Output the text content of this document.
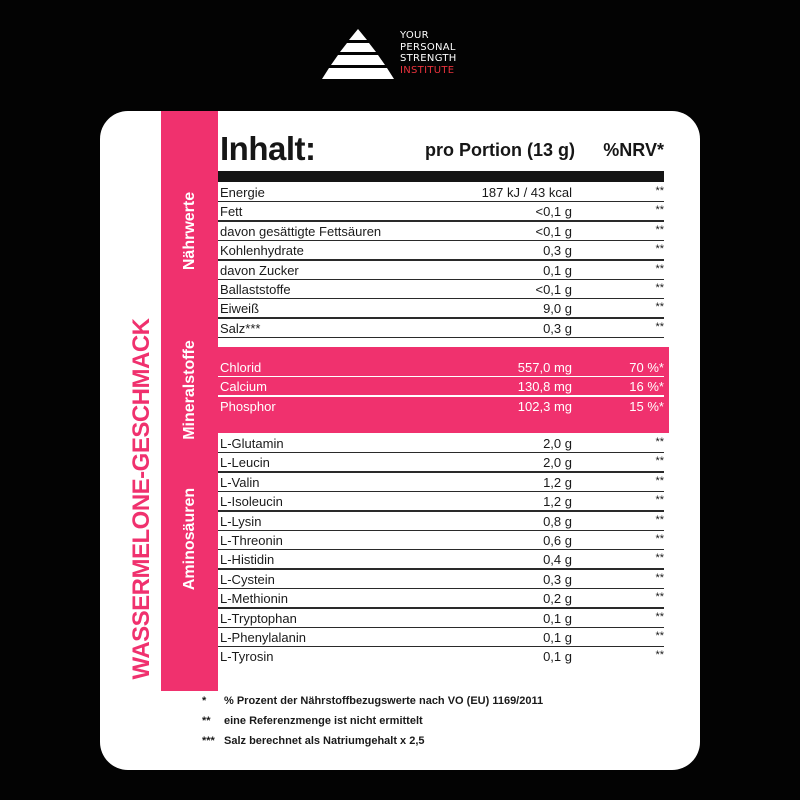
YOUR
PERSONAL
STRENGTH
INSTITUTE
WASSERMELONE-GESCHMACK
Nährwerte
Mineralstoffe
Aminosäuren
Inhalt:	pro Portion (13 g)	%NRV*
Energie	187 kJ / 43 kcal	**
Fett	<0,1 g	**
davon gesättigte Fettsäuren	<0,1 g	**
Kohlenhydrate	0,3 g	**
davon Zucker	0,1 g	**
Ballaststoffe	<0,1 g	**
Eiweiß	9,0 g	**
Salz***	0,3 g	**
Chlorid	557,0 mg	70 %*
Calcium	130,8 mg	16 %*
Phosphor	102,3 mg	15 %*
L-Glutamin	2,0 g	**
L-Leucin	2,0 g	**
L-Valin	1,2 g	**
L-Isoleucin	1,2 g	**
L-Lysin	0,8 g	**
L-Threonin	0,6 g	**
L-Histidin	0,4 g	**
L-Cystein	0,3 g	**
L-Methionin	0,2 g	**
L-Tryptophan	0,1 g	**
L-Phenylalanin	0,1 g	**
L-Tyrosin	0,1 g	**
* % Prozent der Nährstoffbezugswerte nach VO (EU) 1169/2011
** eine Referenzmenge ist nicht ermittelt
*** Salz berechnet als Natriumgehalt x 2,5
